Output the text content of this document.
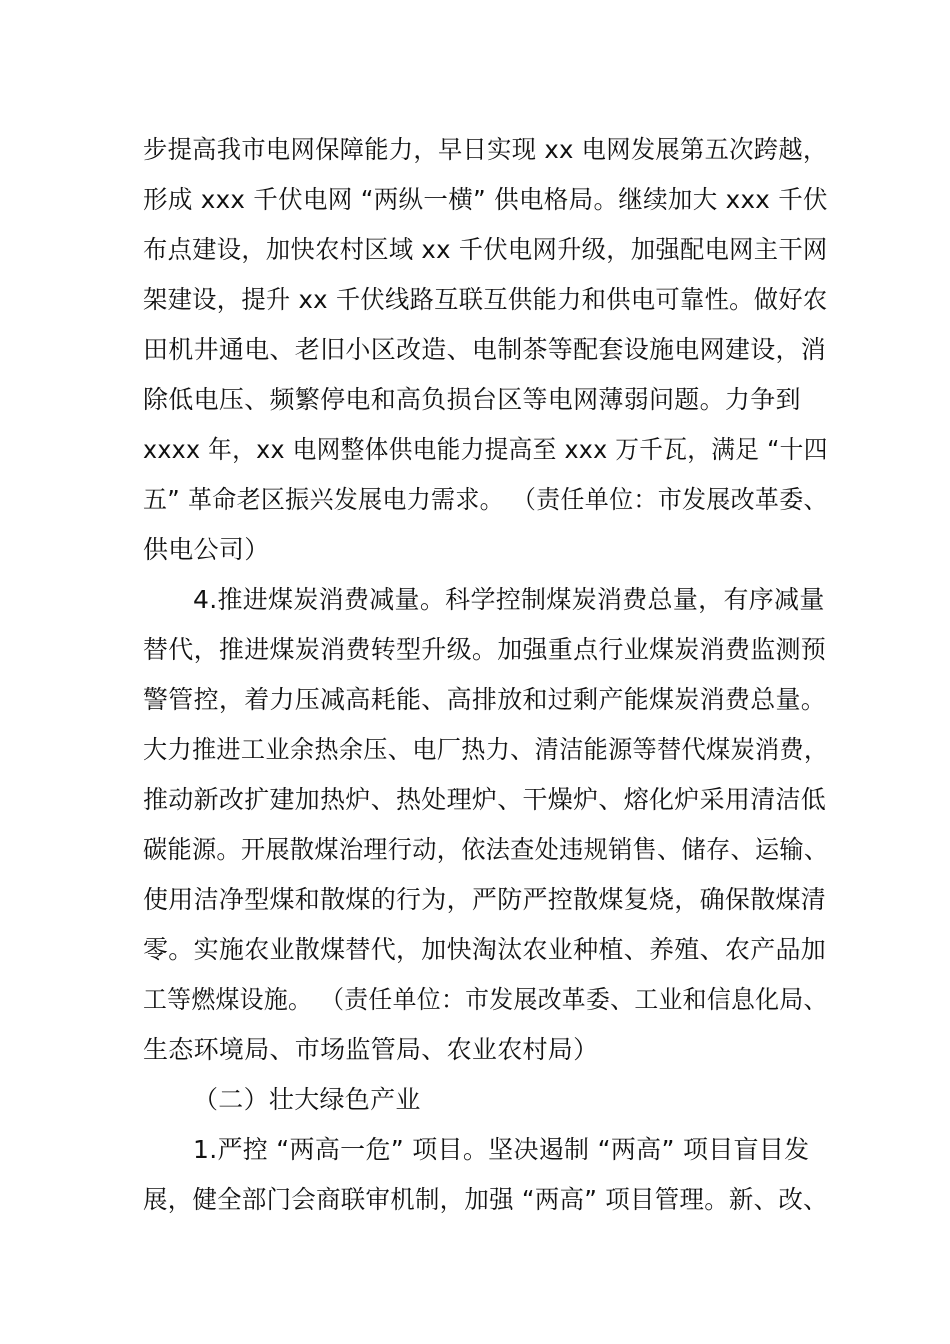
步提高我市电网保障能力，早日实现 xx 电网发展第五次跨越，
形成 xxx 千伏电网 “两纵一横” 供电格局。继续加大 xxx 千伏
布点建设，加快农村区域 xx 千伏电网升级，加强配电网主干网
架建设，提升 xx 千伏线路互联互供能力和供电可靠性。做好农
田机井通电、老旧小区改造、电制茶等配套设施电网建设，消
除低电压、频繁停电和高负损台区等电网薄弱问题。力争到
xxxx 年，xx 电网整体供电能力提高至 xxx 万千瓦，满足 “十四
五” 革命老区振兴发展电力需求。 （责任单位：市发展改革委、
供电公司）
4.推进煤炭消费减量。科学控制煤炭消费总量，有序减量
替代，推进煤炭消费转型升级。加强重点行业煤炭消费监测预
警管控，着力压减高耗能、高排放和过剩产能煤炭消费总量。
大力推进工业余热余压、电厂热力、清洁能源等替代煤炭消费，
推动新改扩建加热炉、热处理炉、干燥炉、熔化炉采用清洁低
碳能源。开展散煤治理行动，依法查处违规销售、储存、运输、
使用洁净型煤和散煤的行为，严防严控散煤复烧，确保散煤清
零。实施农业散煤替代，加快淘汰农业种植、养殖、农产品加
工等燃煤设施。 （责任单位：市发展改革委、工业和信息化局、
生态环境局、市场监管局、农业农村局）
（二）壮大绿色产业
1.严控 “两高一危” 项目。坚决遏制 “两高” 项目盲目发
展，健全部门会商联审机制，加强 “两高” 项目管理。新、改、
